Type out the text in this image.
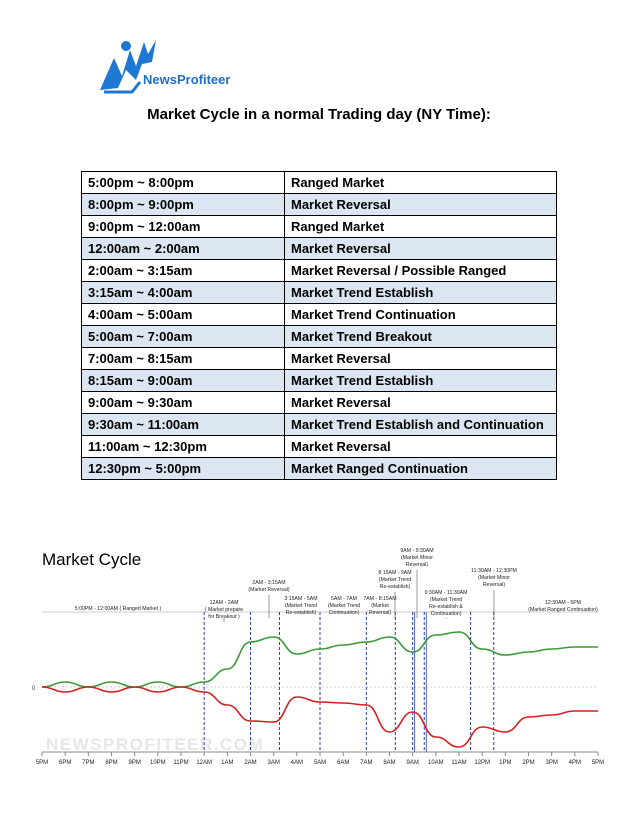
NewsProfiteer
Market Cycle in a normal Trading day (NY Time):
5:00pm ~ 8:00pm	Ranged Market
8:00pm ~ 9:00pm	Market Reversal
9:00pm ~ 12:00am	Ranged Market
12:00am ~ 2:00am	Market Reversal
2:00am ~ 3:15am	Market Reversal / Possible Ranged
3:15am ~ 4:00am	Market Trend Establish
4:00am ~ 5:00am	Market Trend Continuation
5:00am ~ 7:00am	Market Trend Breakout
7:00am ~ 8:15am	Market Reversal
8:15am ~ 9:00am	Market Trend Establish
9:00am ~ 9:30am	Market Reversal
9:30am ~ 11:00am	Market Trend Establish and Continuation
11:00am ~ 12:30pm	Market Reversal
12:30pm ~ 5:00pm	Market Ranged Continuation
Market Cycle
NEWSPROFITEER.COM
0
5PM 6PM 7PM 8PM 9PM 10PM 11PM 12AM 1AM 2AM 3AM 4AM 5AM 6AM 7AM 8AM 9AM 10AM 11AM 12PM 1PM 2PM 3PM 4PM 5PM
5:00PM - 12:00AM ( Ranged Market )
12AM - 2AM
( Market prepare
for Breakout )
2AM - 3:15AM
(Market Reversal)
3:15AM - 5AM
(Market Trend
Re-establish)
5AM - 7AM
(Market Trend
Continuation)
7AM - 8:15AM
(Market
Reversal)
8:15AM - 9AM
(Market Trend
Re-establish)
9AM - 9:30AM
(Market Minor
Reversal)
9:30AM - 11:30AM
(Market Trend
Re-establish &
Continuation)
11:30AM - 12:30PM
(Market Minor
Reversal)
12:30AM - 5PM
(Market Ranged Continuation)
